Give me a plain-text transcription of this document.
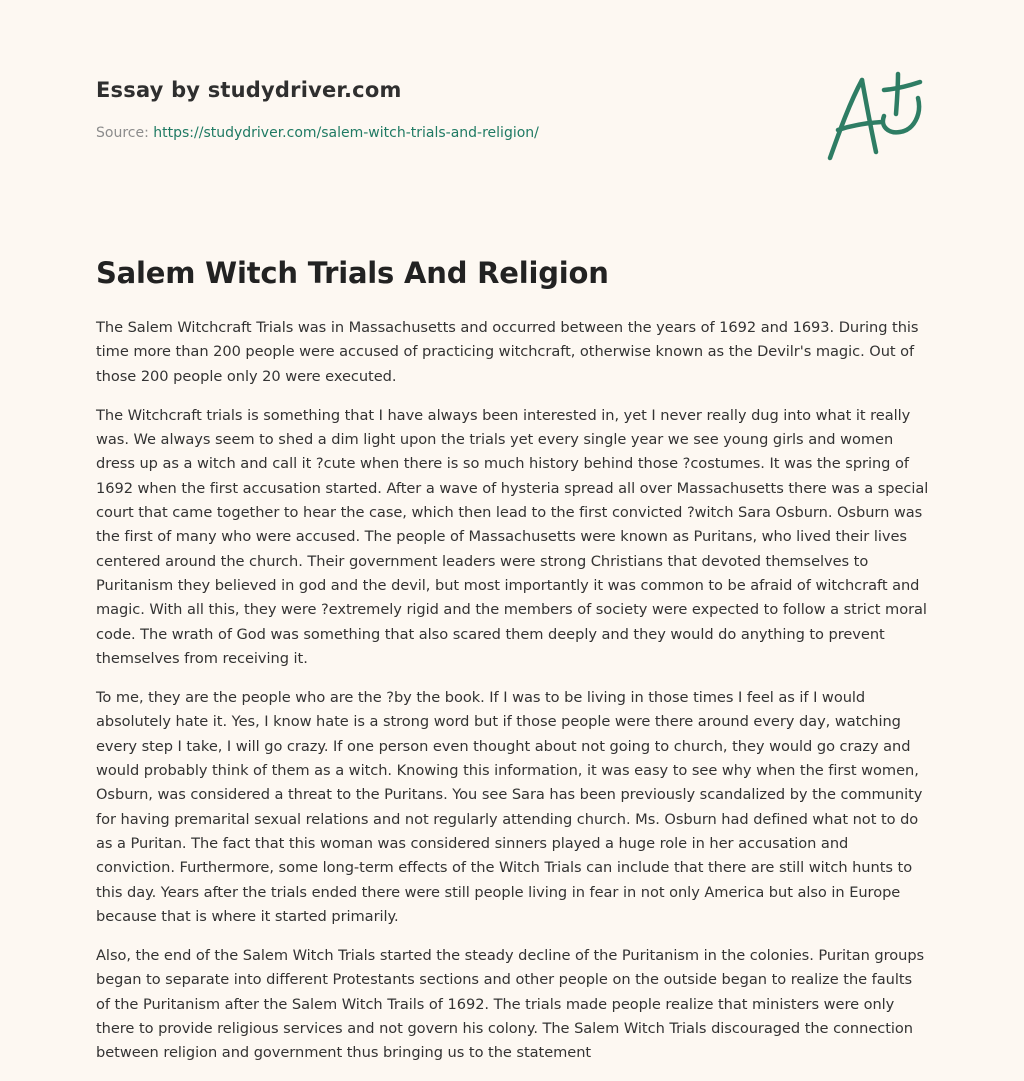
Essay by studydriver.com
Source: https://studydriver.com/salem-witch-trials-and-religion/
Salem Witch Trials And Religion

The Salem Witchcraft Trials was in Massachusetts and occurred between the years of 1692 and 1693. During this time more than 200 people were accused of practicing witchcraft, otherwise known as the Devilr's magic. Out of those 200 people only 20 were executed.

The Witchcraft trials is something that I have always been interested in, yet I never really dug into what it really was. We always seem to shed a dim light upon the trials yet every single year we see young girls and women dress up as a witch and call it ?cute when there is so much history behind those ?costumes. It was the spring of 1692 when the first accusation started. After a wave of hysteria spread all over Massachusetts there was a special court that came together to hear the case, which then lead to the first convicted ?witch Sara Osburn. Osburn was the first of many who were accused. The people of Massachusetts were known as Puritans, who lived their lives centered around the church. Their government leaders were strong Christians that devoted themselves to Puritanism they believed in god and the devil, but most importantly it was common to be afraid of witchcraft and magic. With all this, they were ?extremely rigid and the members of society were expected to follow a strict moral code. The wrath of God was something that also scared them deeply and they would do anything to prevent themselves from receiving it.

To me, they are the people who are the ?by the book. If I was to be living in those times I feel as if I would absolutely hate it. Yes, I know hate is a strong word but if those people were there around every day, watching every step I take, I will go crazy. If one person even thought about not going to church, they would go crazy and would probably think of them as a witch. Knowing this information, it was easy to see why when the first women, Osburn, was considered a threat to the Puritans. You see Sara has been previously scandalized by the community for having premarital sexual relations and not regularly attending church. Ms. Osburn had defined what not to do as a Puritan. The fact that this woman was considered sinners played a huge role in her accusation and conviction. Furthermore, some long-term effects of the Witch Trials can include that there are still witch hunts to this day. Years after the trials ended there were still people living in fear in not only America but also in Europe because that is where it started primarily.

Also, the end of the Salem Witch Trials started the steady decline of the Puritanism in the colonies. Puritan groups began to separate into different Protestants sections and other people on the outside began to realize the faults of the Puritanism after the Salem Witch Trails of 1692. The trials made people realize that ministers were only there to provide religious services and not govern his colony. The Salem Witch Trials discouraged the connection between religion and government thus bringing us to the statement
